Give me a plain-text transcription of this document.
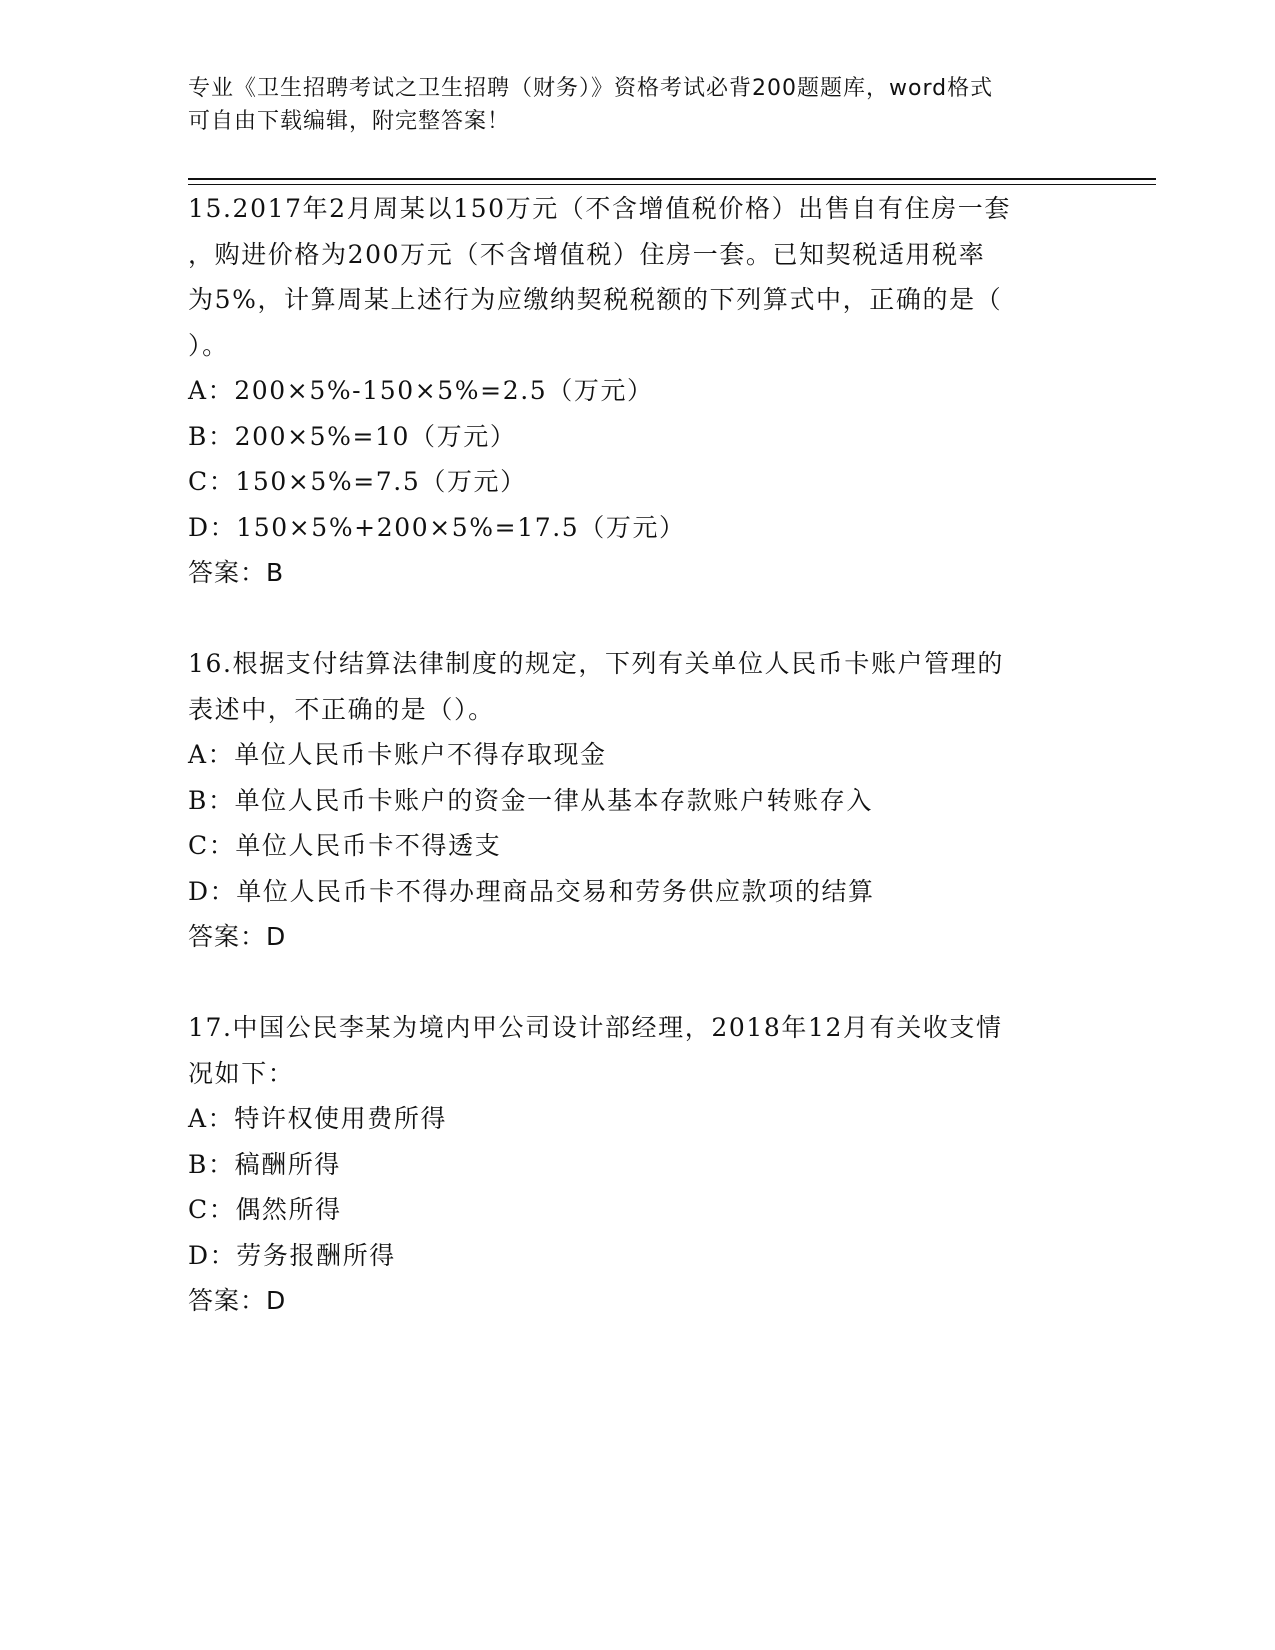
专业《卫生招聘考试之卫生招聘（财务）》资格考试必背200题题库，word格式
可自由下载编辑，附完整答案！

15.2017年2月周某以150万元（不含增值税价格）出售自有住房一套

，购进价格为200万元（不含增值税）住房一套。已知契税适用税率

为5%，计算周某上述行为应缴纳契税税额的下列算式中，正确的是（

）。

A：200×5%-150×5%=2.5（万元）

B：200×5%=10（万元）

C：150×5%=7.5（万元）

D：150×5%+200×5%=17.5（万元）

答案：B

16.根据支付结算法律制度的规定，下列有关单位人民币卡账户管理的

表述中，不正确的是（）。

A：单位人民币卡账户不得存取现金

B：单位人民币卡账户的资金一律从基本存款账户转账存入

C：单位人民币卡不得透支

D：单位人民币卡不得办理商品交易和劳务供应款项的结算

答案：D

17.中国公民李某为境内甲公司设计部经理，2018年12月有关收支情

况如下：

A：特许权使用费所得

B：稿酬所得

C：偶然所得

D：劳务报酬所得

答案：D
